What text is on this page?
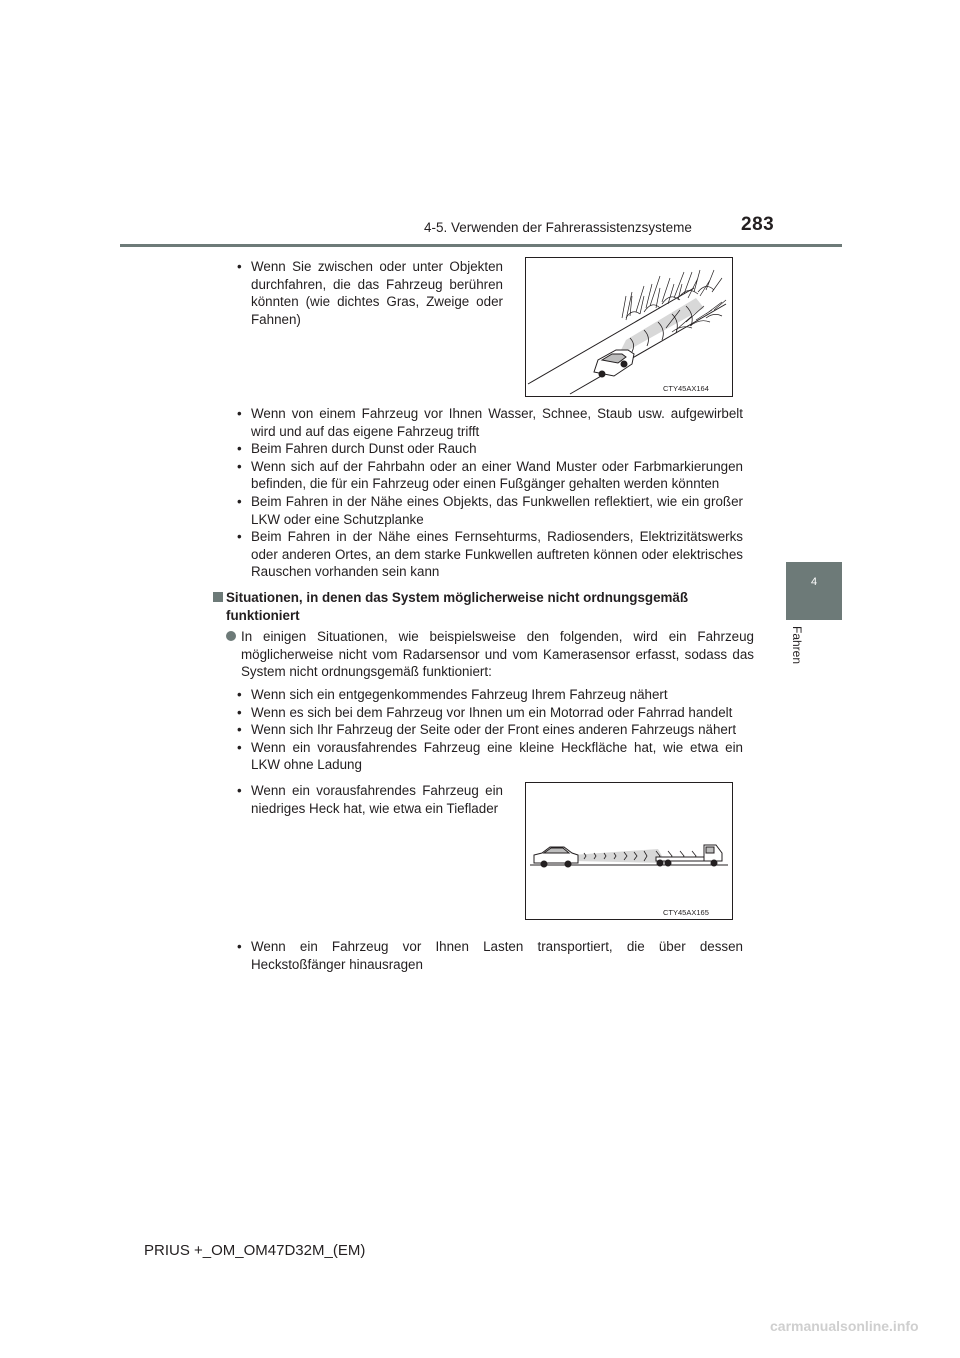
4-5. Verwenden der Fahrerassistenzsysteme	283
4
Fahren
• Wenn Sie zwischen oder unter Objekten durchfahren, die das Fahrzeug berühren könnten (wie dichtes Gras, Zweige oder Fahnen)
CTY45AX164
• Wenn von einem Fahrzeug vor Ihnen Wasser, Schnee, Staub usw. aufgewirbelt wird und auf das eigene Fahrzeug trifft
• Beim Fahren durch Dunst oder Rauch
• Wenn sich auf der Fahrbahn oder an einer Wand Muster oder Farbmarkierungen befinden, die für ein Fahrzeug oder einen Fußgänger gehalten werden könnten
• Beim Fahren in der Nähe eines Objekts, das Funkwellen reflektiert, wie ein großer LKW oder eine Schutzplanke
• Beim Fahren in der Nähe eines Fernsehturms, Radiosenders, Elektrizitätswerks oder anderen Ortes, an dem starke Funkwellen auftreten können oder elektrisches Rauschen vorhanden sein kann
Situationen, in denen das System möglicherweise nicht ordnungsgemäß funktioniert
In einigen Situationen, wie beispielsweise den folgenden, wird ein Fahrzeug möglicherweise nicht vom Radarsensor und vom Kamerasensor erfasst, sodass das System nicht ordnungsgemäß funktioniert:
• Wenn sich ein entgegenkommendes Fahrzeug Ihrem Fahrzeug nähert
• Wenn es sich bei dem Fahrzeug vor Ihnen um ein Motorrad oder Fahrrad handelt
• Wenn sich Ihr Fahrzeug der Seite oder der Front eines anderen Fahrzeugs nähert
• Wenn ein vorausfahrendes Fahrzeug eine kleine Heckfläche hat, wie etwa ein LKW ohne Ladung
• Wenn ein vorausfahrendes Fahrzeug ein niedriges Heck hat, wie etwa ein Tieflader
CTY45AX165
• Wenn ein Fahrzeug vor Ihnen Lasten transportiert, die über dessen Heckstoßfänger hinausragen
PRIUS +_OM_OM47D32M_(EM)
carmanualsonline.info
